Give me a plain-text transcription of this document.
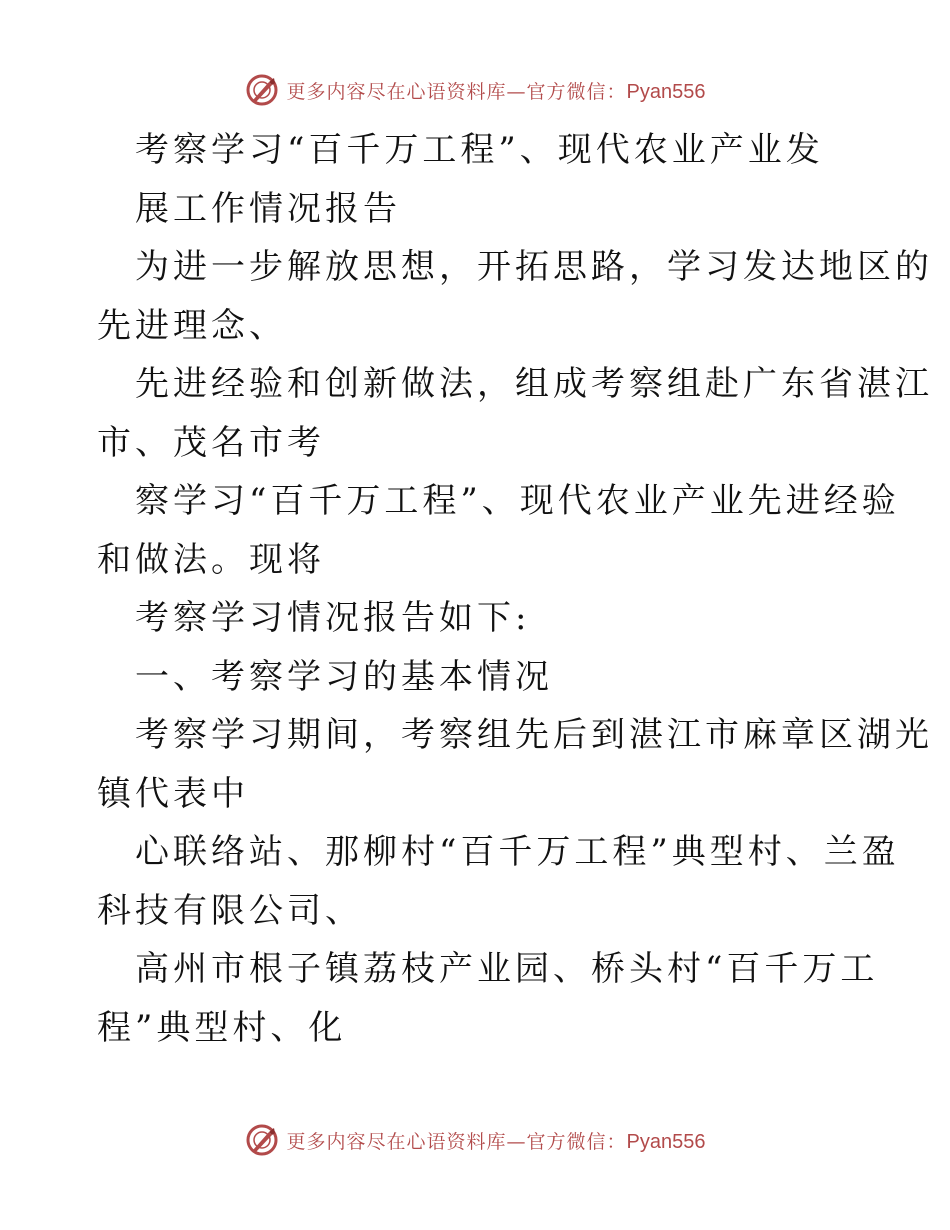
更多内容尽在心语资料库—官方微信：Pyan556
考察学习“百千万工程”、现代农业产业发
展工作情况报告
为进一步解放思想，开拓思路，学习发达地区的
先进理念、
先进经验和创新做法，组成考察组赴广东省湛江
市、茂名市考
察学习“百千万工程”、现代农业产业先进经验
和做法。现将
考察学习情况报告如下:
一、考察学习的基本情况
考察学习期间，考察组先后到湛江市麻章区湖光
镇代表中
心联络站、那柳村“百千万工程”典型村、兰盈
科技有限公司、
高州市根子镇荔枝产业园、桥头村“百千万工
程”典型村、化
更多内容尽在心语资料库—官方微信：Pyan556
